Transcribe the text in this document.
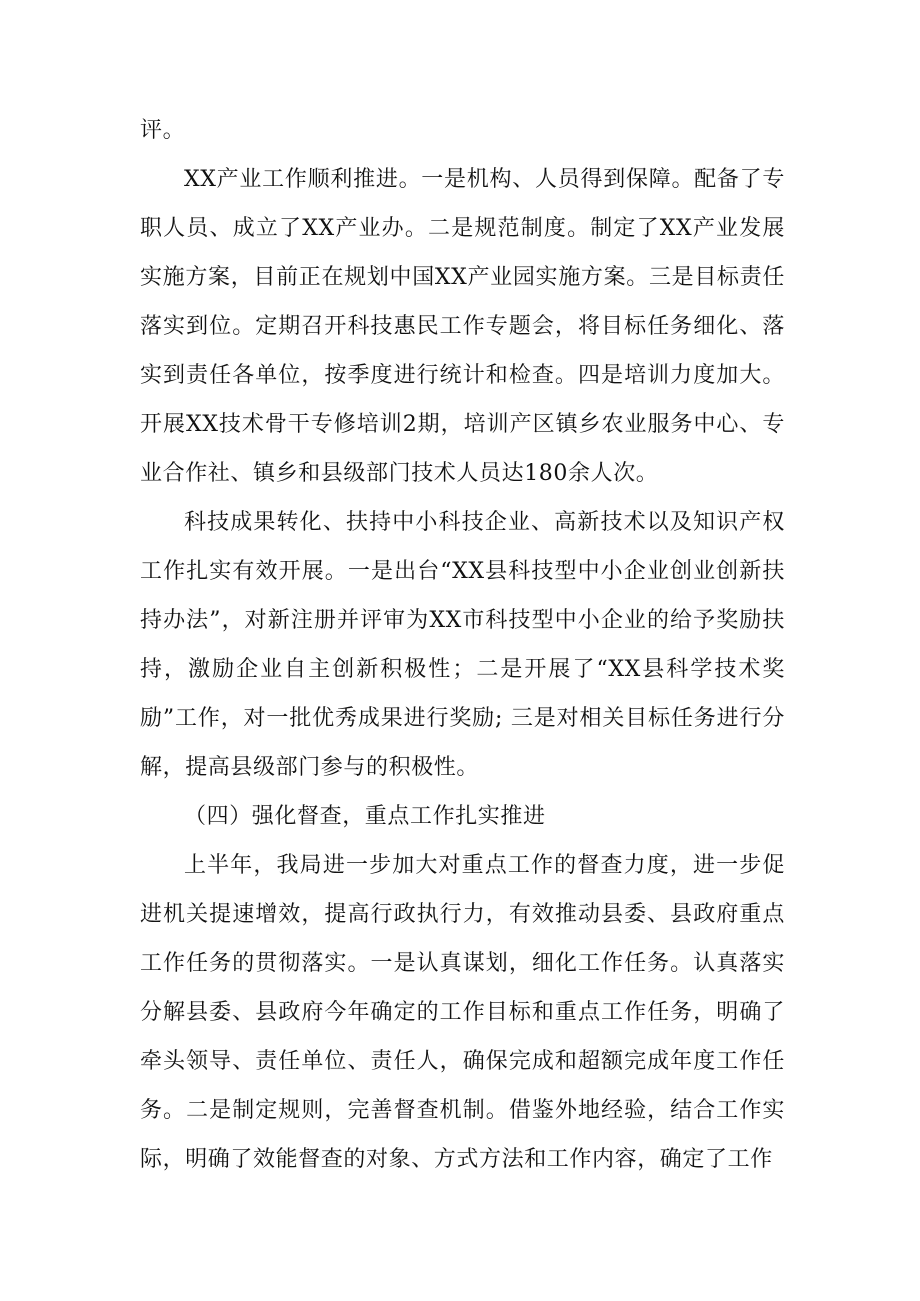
评。

XX产业工作顺利推进。一是机构、人员得到保障。配备了专职人员、成立了XX产业办。二是规范制度。制定了XX产业发展实施方案，目前正在规划中国XX产业园实施方案。三是目标责任落实到位。定期召开科技惠民工作专题会，将目标任务细化、落实到责任各单位，按季度进行统计和检查。四是培训力度加大。开展XX技术骨干专修培训2期，培训产区镇乡农业服务中心、专业合作社、镇乡和县级部门技术人员达180余人次。

科技成果转化、扶持中小科技企业、高新技术以及知识产权工作扎实有效开展。一是出台“XX县科技型中小企业创业创新扶持办法”，对新注册并评审为XX市科技型中小企业的给予奖励扶持，激励企业自主创新积极性；二是开展了“XX县科学技术奖励”工作，对一批优秀成果进行奖励; 三是对相关目标任务进行分解，提高县级部门参与的积极性。

（四）强化督查，重点工作扎实推进

上半年，我局进一步加大对重点工作的督查力度，进一步促进机关提速增效，提高行政执行力，有效推动县委、县政府重点工作任务的贯彻落实。一是认真谋划，细化工作任务。认真落实分解县委、县政府今年确定的工作目标和重点工作任务，明确了牵头领导、责任单位、责任人，确保完成和超额完成年度工作任务。二是制定规则，完善督查机制。借鉴外地经验，结合工作实际，明确了效能督查的对象、方式方法和工作内容，确定了工作
